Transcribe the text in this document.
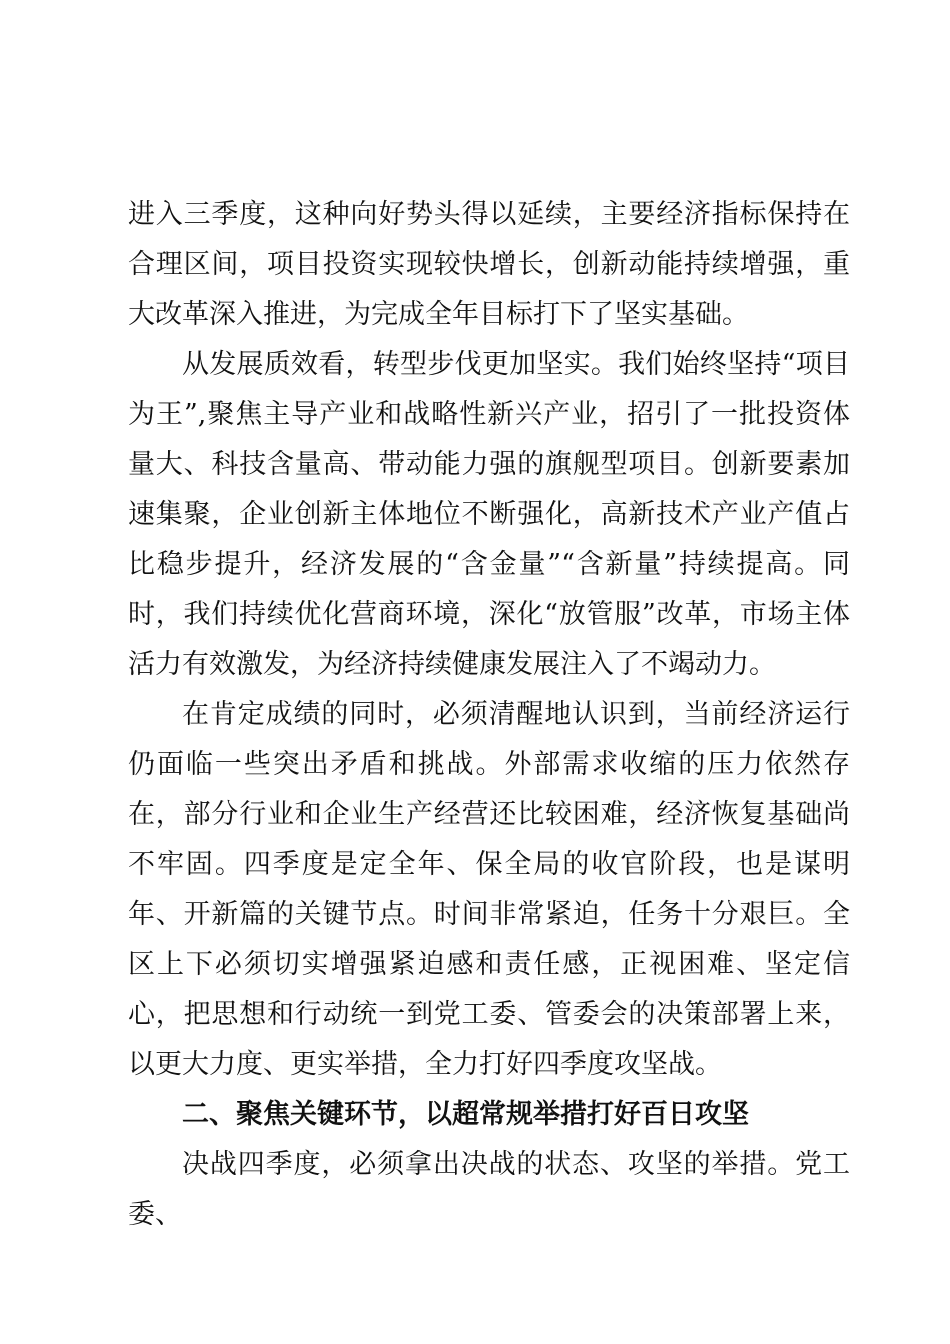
进入三季度，这种向好势头得以延续，主要经济指标保持在合理区间，项目投资实现较快增长，创新动能持续增强，重大改革深入推进，为完成全年目标打下了坚实基础。

从发展质效看，转型步伐更加坚实。我们始终坚持“项目为王”,聚焦主导产业和战略性新兴产业，招引了一批投资体量大、科技含量高、带动能力强的旗舰型项目。创新要素加速集聚，企业创新主体地位不断强化，高新技术产业产值占比稳步提升，经济发展的“含金量”“含新量”持续提高。同时，我们持续优化营商环境，深化“放管服”改革，市场主体活力有效激发，为经济持续健康发展注入了不竭动力。

在肯定成绩的同时，必须清醒地认识到，当前经济运行仍面临一些突出矛盾和挑战。外部需求收缩的压力依然存在，部分行业和企业生产经营还比较困难，经济恢复基础尚不牢固。四季度是定全年、保全局的收官阶段，也是谋明年、开新篇的关键节点。时间非常紧迫，任务十分艰巨。全区上下必须切实增强紧迫感和责任感，正视困难、坚定信心，把思想和行动统一到党工委、管委会的决策部署上来，以更大力度、更实举措，全力打好四季度攻坚战。

二、聚焦关键环节，以超常规举措打好百日攻坚

决战四季度，必须拿出决战的状态、攻坚的举措。党工委、
